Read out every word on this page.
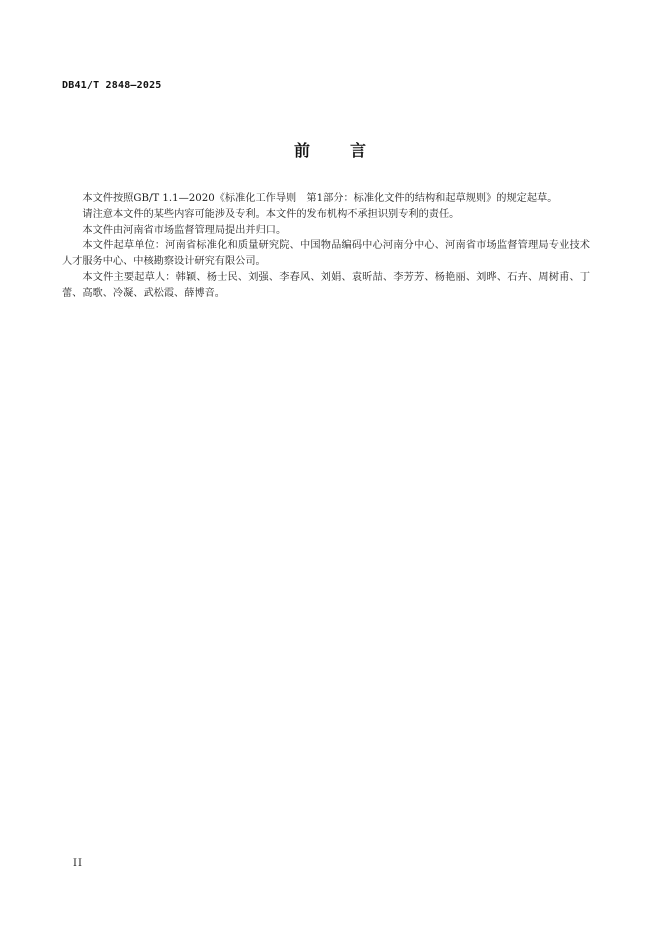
DB41/T 2848—2025
前 言

本文件按照GB/T 1.1—2020《标准化工作导则　第1部分：标准化文件的结构和起草规则》的规定起草。

请注意本文件的某些内容可能涉及专利。本文件的发布机构不承担识别专利的责任。

本文件由河南省市场监督管理局提出并归口。

本文件起草单位：河南省标准化和质量研究院、中国物品编码中心河南分中心、河南省市场监督管理局专业技术人才服务中心、中核勘察设计研究有限公司。

本文件主要起草人：韩颖、杨士民、刘强、李春风、刘娟、袁昕喆、李芳芳、杨艳丽、刘晔、石卉、周树甫、丁蕾、高歌、冷凝、武松霞、薛博音。

II
